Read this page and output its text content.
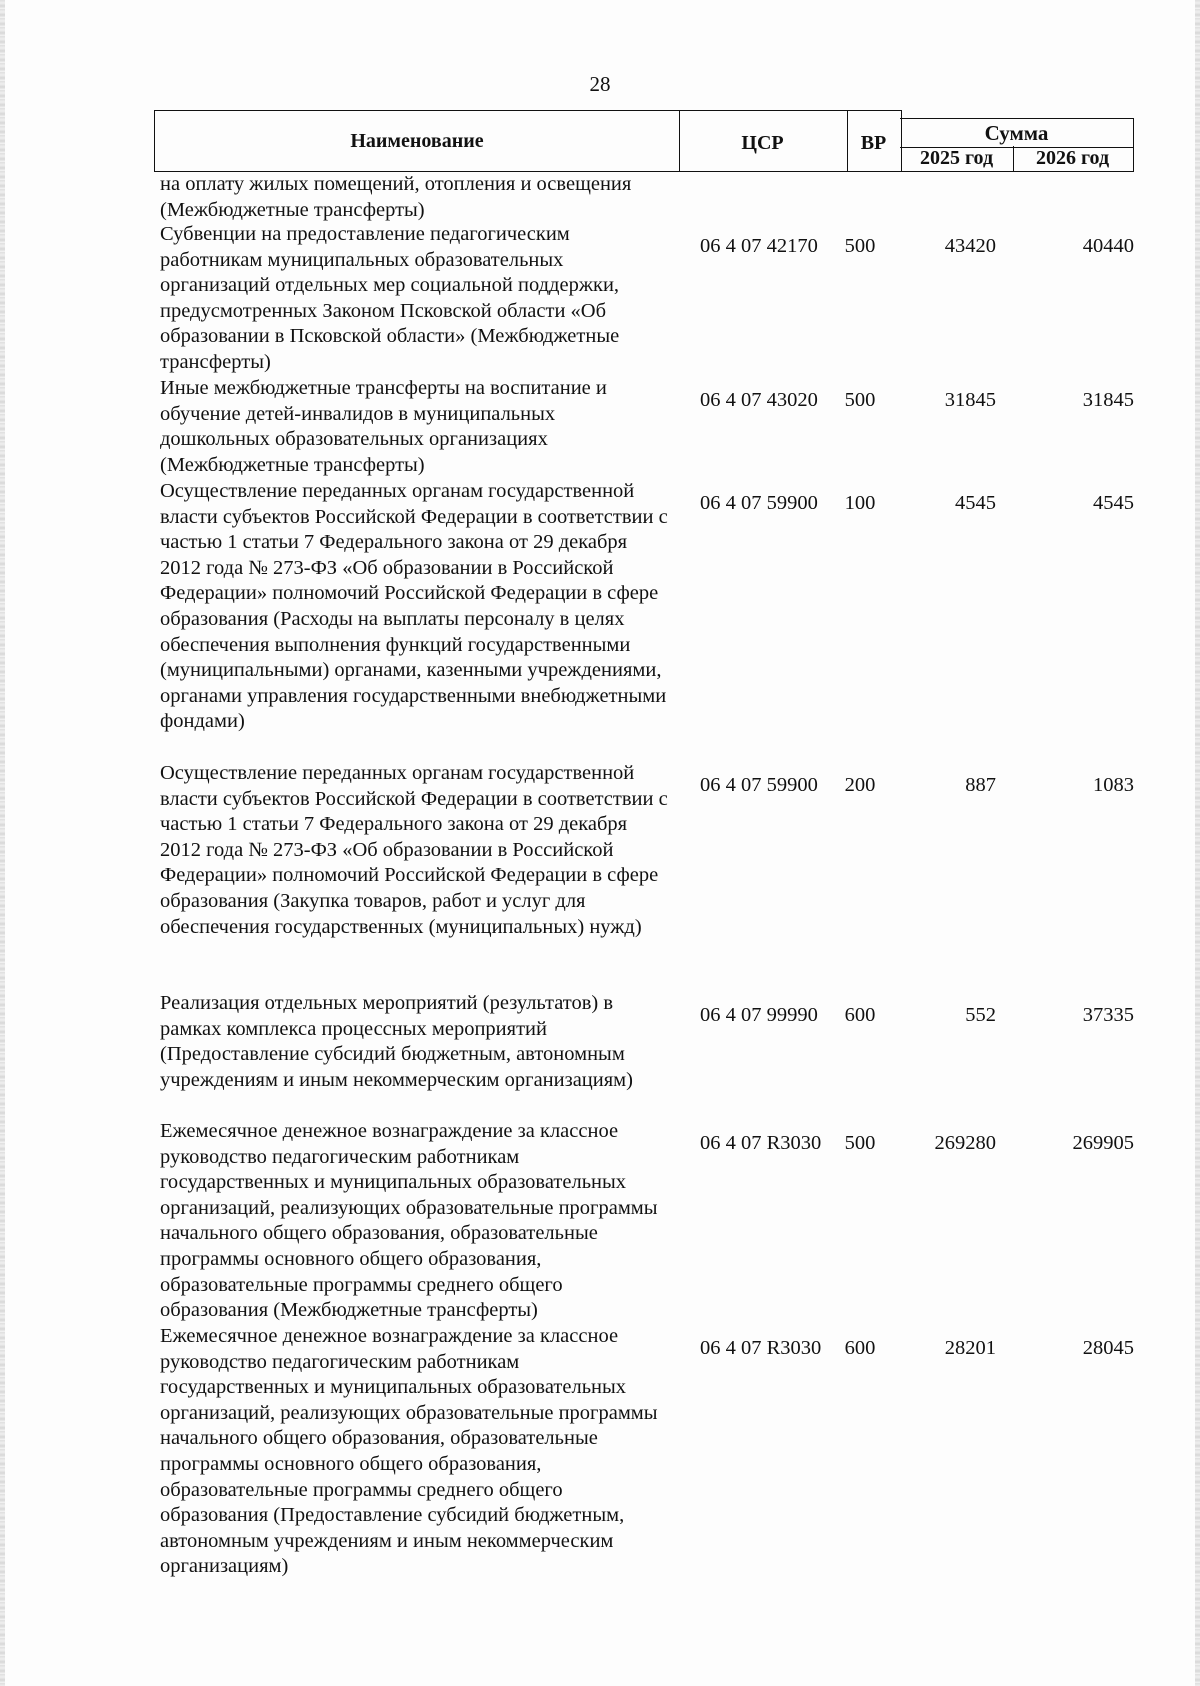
28
Наименование	ЦСР	ВР	Сумма
2025 год 2026 год
на оплату жилых помещений, отопления и освещения (Межбюджетные трансферты)
Субвенции на предоставление педагогическим работникам муниципальных образовательных организаций отдельных мер социальной поддержки, предусмотренных Законом Псковской области «Об образовании в Псковской области» (Межбюджетные трансферты)
06 4 07 42170	500	43420	40440
Иные межбюджетные трансферты на воспитание и обучение детей-инвалидов в муниципальных дошкольных образовательных организациях (Межбюджетные трансферты)
06 4 07 43020	500	31845	31845
Осуществление переданных органам государственной власти субъектов Российской Федерации в соответствии с частью 1 статьи 7 Федерального закона от 29 декабря 2012 года № 273-ФЗ «Об образовании в Российской Федерации» полномочий Российской Федерации в сфере образования (Расходы на выплаты персоналу в целях обеспечения выполнения функций государственными (муниципальными) органами, казенными учреждениями, органами управления государственными внебюджетными фондами)
06 4 07 59900	100	4545	4545
Осуществление переданных органам государственной власти субъектов Российской Федерации в соответствии с частью 1 статьи 7 Федерального закона от 29 декабря 2012 года № 273-ФЗ «Об образовании в Российской Федерации» полномочий Российской Федерации в сфере образования (Закупка товаров, работ и услуг для обеспечения государственных (муниципальных) нужд)
06 4 07 59900	200	887	1083
Реализация отдельных мероприятий (результатов) в рамках комплекса процессных мероприятий (Предоставление субсидий бюджетным, автономным учреждениям и иным некоммерческим организациям)
06 4 07 99990	600	552	37335
Ежемесячное денежное вознаграждение за классное руководство педагогическим работникам государственных и муниципальных образовательных организаций, реализующих образовательные программы начального общего образования, образовательные программы основного общего образования, образовательные программы среднего общего образования (Межбюджетные трансферты)
06 4 07 R3030	500	269280	269905
Ежемесячное денежное вознаграждение за классное руководство педагогическим работникам государственных и муниципальных образовательных организаций, реализующих образовательные программы начального общего образования, образовательные программы основного общего образования, образовательные программы среднего общего образования (Предоставление субсидий бюджетным, автономным учреждениям и иным некоммерческим организациям)
06 4 07 R3030	600	28201	28045
